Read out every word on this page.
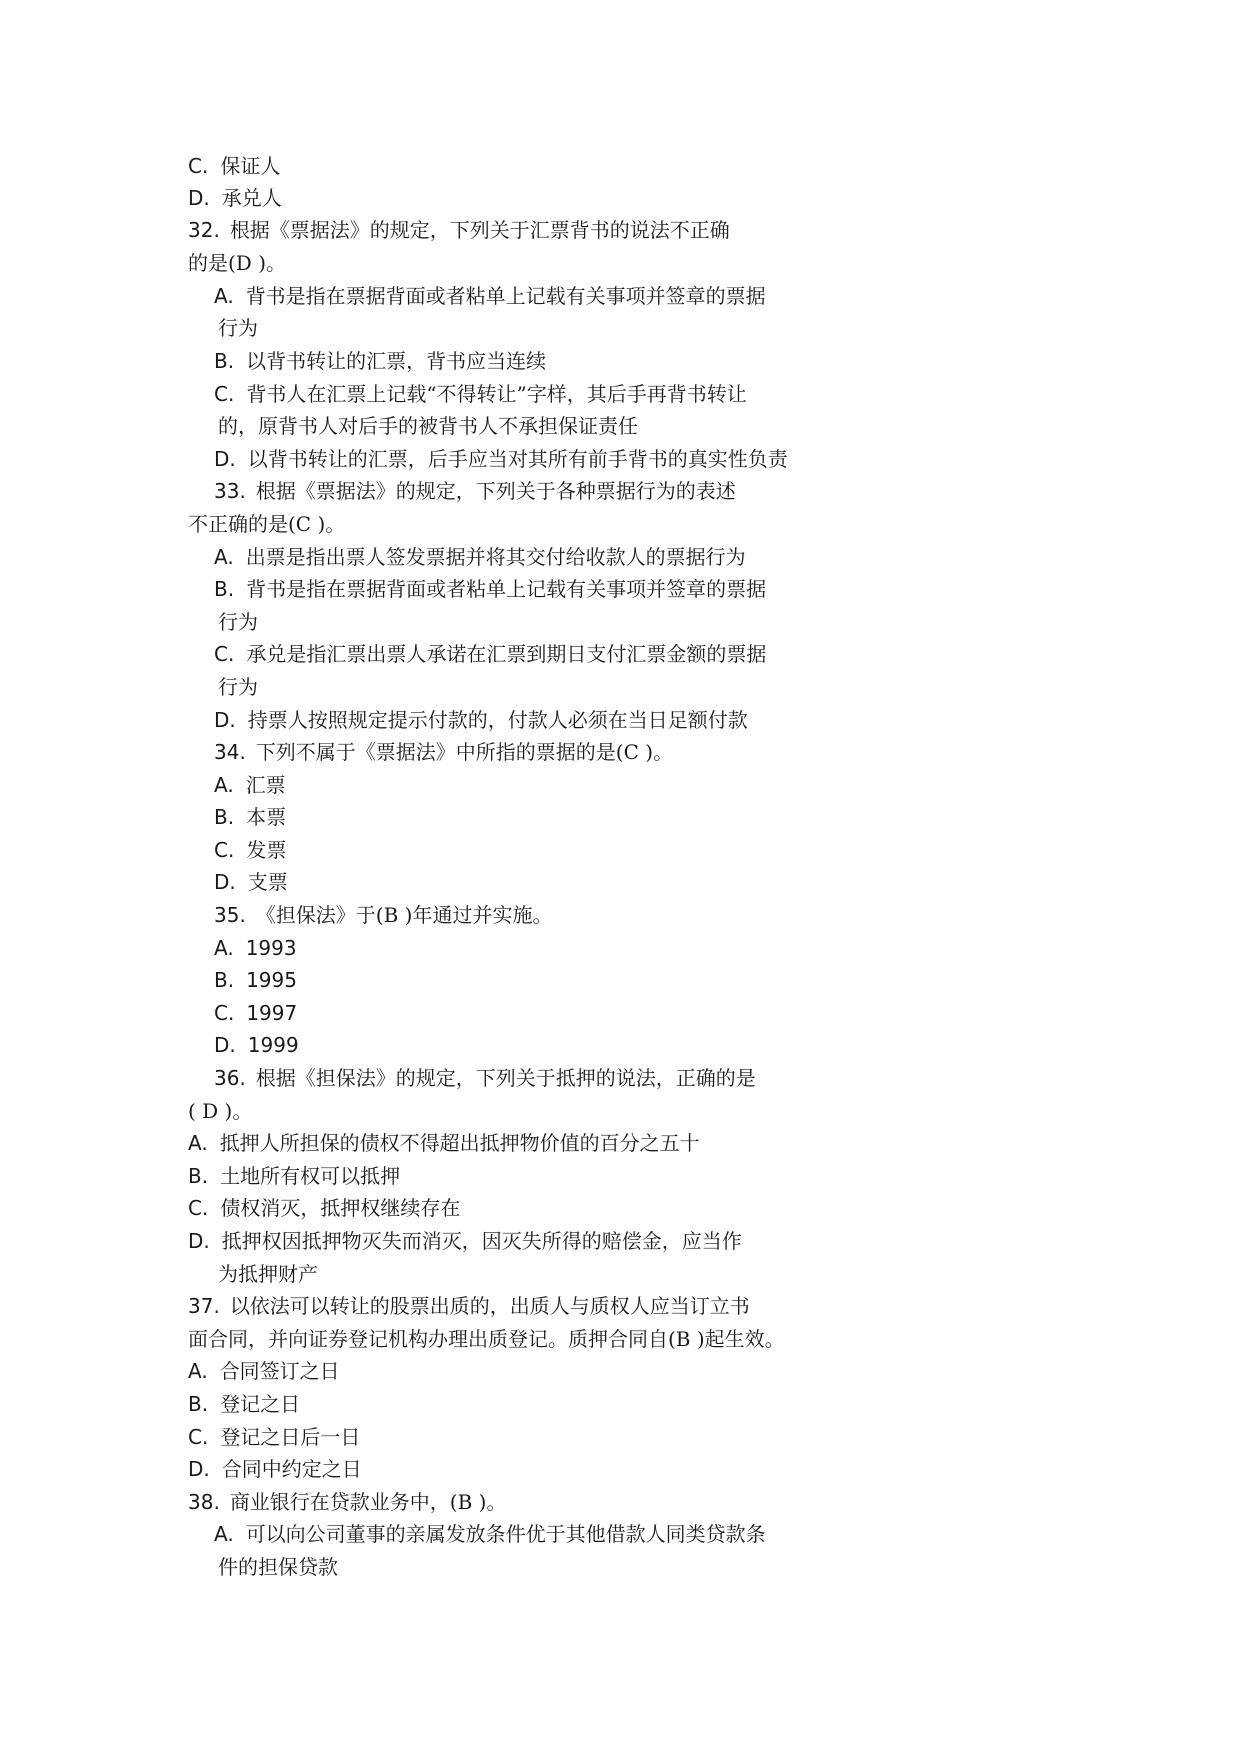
C. 保证人
D. 承兑人
32. 根据《票据法》的规定，下列关于汇票背书的说法不正确
的是(D )。
A. 背书是指在票据背面或者粘单上记载有关事项并签章的票据
行为
B. 以背书转让的汇票，背书应当连续
C. 背书人在汇票上记载“不得转让”字样，其后手再背书转让
的，原背书人对后手的被背书人不承担保证责任
D. 以背书转让的汇票，后手应当对其所有前手背书的真实性负责
33. 根据《票据法》的规定，下列关于各种票据行为的表述
不正确的是(C )。
A. 出票是指出票人签发票据并将其交付给收款人的票据行为
B. 背书是指在票据背面或者粘单上记载有关事项并签章的票据
行为
C. 承兑是指汇票出票人承诺在汇票到期日支付汇票金额的票据
行为
D. 持票人按照规定提示付款的，付款人必须在当日足额付款
34. 下列不属于《票据法》中所指的票据的是(C )。
A. 汇票
B. 本票
C. 发票
D. 支票
35. 《担保法》于(B )年通过并实施。
A. 1993
B. 1995
C. 1997
D. 1999
36. 根据《担保法》的规定，下列关于抵押的说法，正确的是
( D )。
A. 抵押人所担保的债权不得超出抵押物价值的百分之五十
B. 土地所有权可以抵押
C. 债权消灭，抵押权继续存在
D. 抵押权因抵押物灭失而消灭，因灭失所得的赔偿金，应当作
为抵押财产
37. 以依法可以转让的股票出质的，出质人与质权人应当订立书
面合同，并向证券登记机构办理出质登记。质押合同自(B )起生效。
A. 合同签订之日
B. 登记之日
C. 登记之日后一日
D. 合同中约定之日
38. 商业银行在贷款业务中，(B )。
A. 可以向公司董事的亲属发放条件优于其他借款人同类贷款条
件的担保贷款
